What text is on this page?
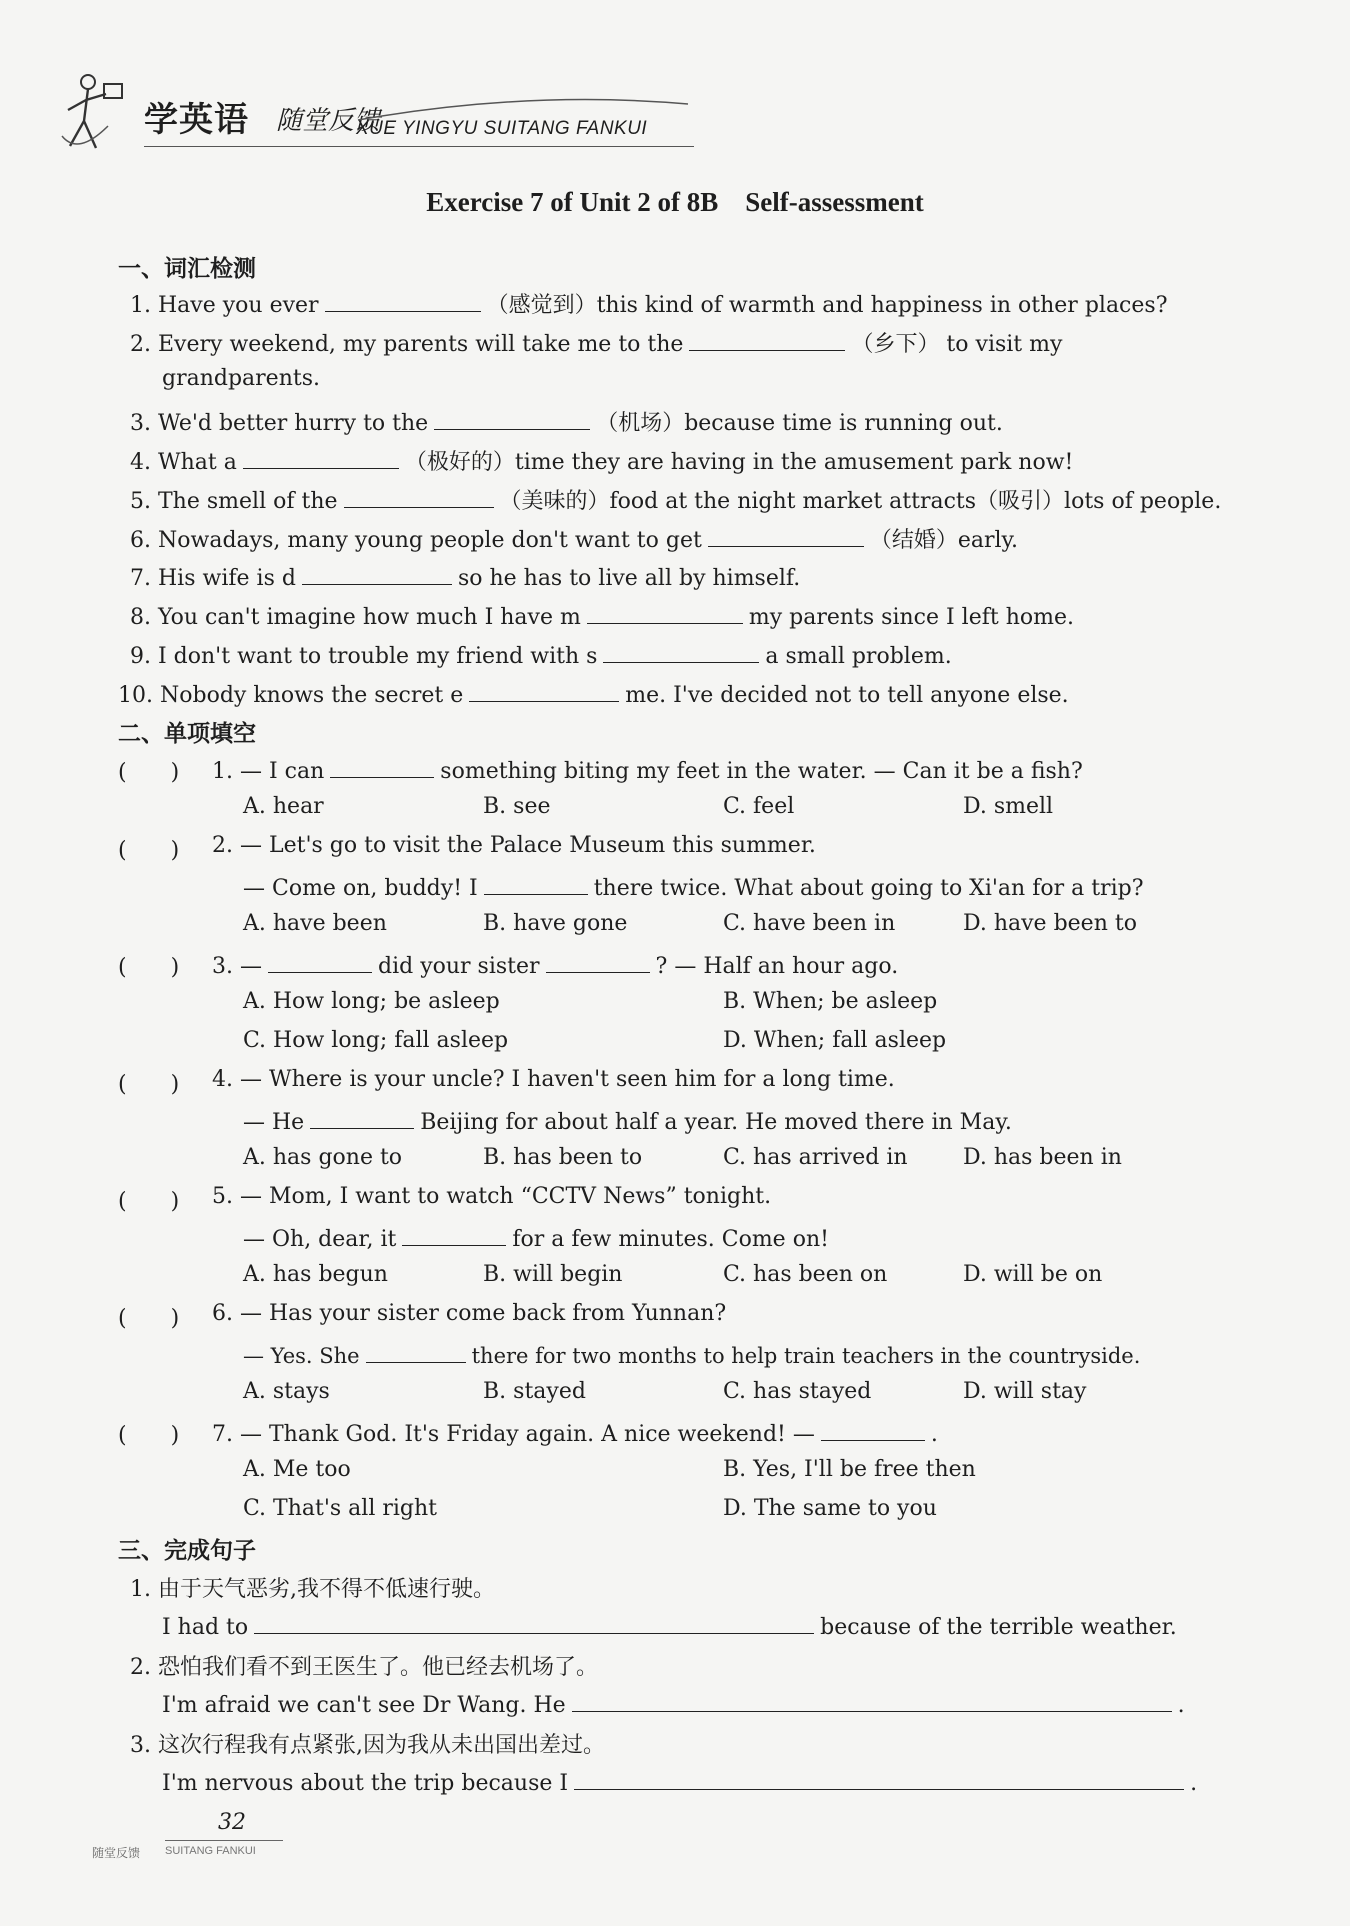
学英语 随堂反馈
XUE YINGYU SUITANG FANKUI
Exercise 7 of Unit 2 of 8B　Self-assessment
一、词汇检测
1. Have you ever	（感觉到）this kind of warmth and happiness in other places?
2. Every weekend, my parents will take me to the	（乡下） to visit my
grandparents.
3. We'd better hurry to the	（机场）because time is running out.
4. What a	（极好的）time they are having in the amusement park now!
5. The smell of the	（美味的）food at the night market attracts（吸引）lots of people.
6. Nowadays, many young people don't want to get	（结婚）early.
7. His wife is d	so he has to live all by himself.
8. You can't imagine how much I have m	my parents since I left home.
9. I don't want to trouble my friend with s	a small problem.
10. Nobody knows the secret e	me. I've decided not to tell anyone else.
二、单项填空
(　　) 1. — I can	something biting my feet in the water. — Can it be a fish?
A. hear	B. see	C. feel	D. smell
(　　) 2. — Let's go to visit the Palace Museum this summer.
— Come on, buddy! I	there twice. What about going to Xi'an for a trip?
A. have been	B. have gone	C. have been in	D. have been to
(　　) 3. —	did your sister	? — Half an hour ago.
A. How long; be asleep	B. When; be asleep
C. How long; fall asleep	D. When; fall asleep
(　　) 4. — Where is your uncle? I haven't seen him for a long time.
— He	Beijing for about half a year. He moved there in May.
A. has gone to	B. has been to	C. has arrived in	D. has been in
(　　) 5. — Mom, I want to watch “CCTV News” tonight.
— Oh, dear, it	for a few minutes. Come on!
A. has begun	B. will begin	C. has been on	D. will be on
(　　) 6. — Has your sister come back from Yunnan?
— Yes. She	there for two months to help train teachers in the countryside.
A. stays	B. stayed	C. has stayed	D. will stay
(　　) 7. — Thank God. It's Friday again. A nice weekend! —	.
A. Me too	B. Yes, I'll be free then
C. That's all right	D. The same to you
三、完成句子
1. 由于天气恶劣,我不得不低速行驶。
I had to	because of the terrible weather.
2. 恐怕我们看不到王医生了。他已经去机场了。
I'm afraid we can't see Dr Wang. He	.
3. 这次行程我有点紧张,因为我从未出国出差过。
I'm nervous about the trip because I	.
32
随堂反馈 SUITANG FANKUI
